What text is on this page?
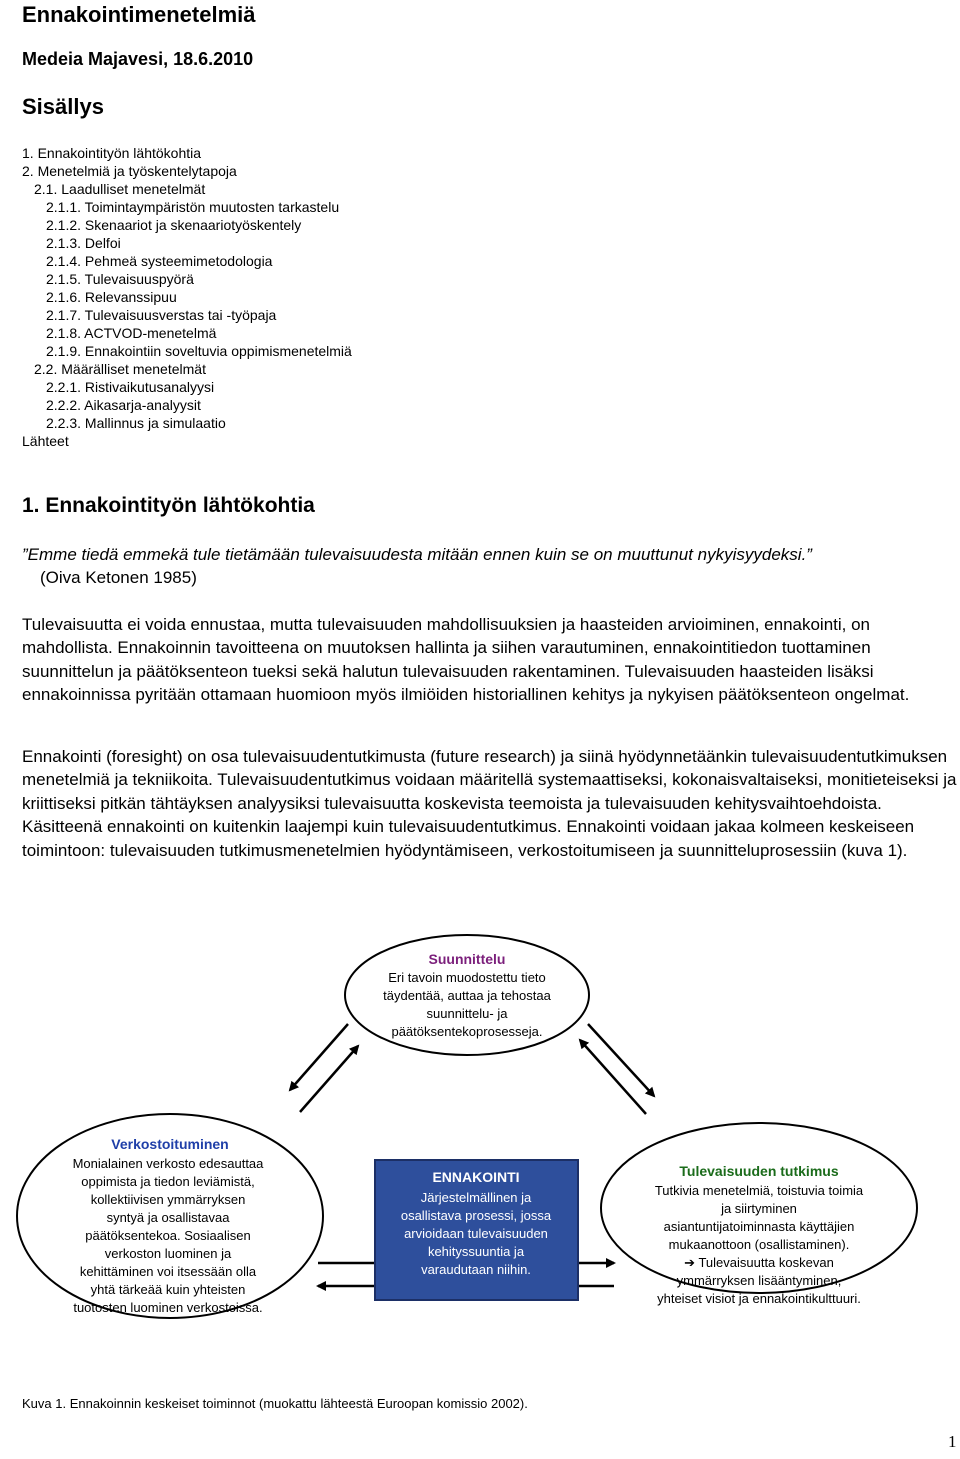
Ennakointimenetelmiä
Medeia Majavesi, 18.6.2010
Sisällys
1. Ennakointityön lähtökohtia
2. Menetelmiä ja työskentelytapoja
2.1. Laadulliset menetelmät
2.1.1. Toimintaympäristön muutosten tarkastelu
2.1.2. Skenaariot ja skenaariotyöskentely
2.1.3. Delfoi
2.1.4. Pehmeä systeemimetodologia
2.1.5. Tulevaisuuspyörä
2.1.6. Relevanssipuu
2.1.7. Tulevaisuusverstas tai -työpaja
2.1.8. ACTVOD-menetelmä
2.1.9. Ennakointiin soveltuvia oppimismenetelmiä
2.2. Määrälliset menetelmät
2.2.1. Ristivaikutusanalyysi
2.2.2. Aikasarja-analyysit
2.2.3. Mallinnus ja simulaatio
Lähteet
1. Ennakointityön lähtökohtia
”Emme tiedä emmekä tule tietämään tulevaisuudesta mitään ennen kuin se on muuttunut nykyisyydeksi.”
(Oiva Ketonen 1985)

Tulevaisuutta ei voida ennustaa, mutta tulevaisuuden mahdollisuuksien ja haasteiden arvioiminen, ennakointi, on mahdollista. Ennakoinnin tavoitteena on muutoksen hallinta ja siihen varautuminen, ennakointitiedon tuottaminen suunnittelun ja päätöksenteon tueksi sekä halutun tulevaisuuden rakentaminen. Tulevaisuuden haasteiden lisäksi ennakoinnissa pyritään ottamaan huomioon myös ilmiöiden historiallinen kehitys ja nykyisen päätöksenteon ongelmat.

Ennakointi (foresight) on osa tulevaisuudentutkimusta (future research) ja siinä hyödynnetäänkin tulevaisuudentutkimuksen menetelmiä ja tekniikoita. Tulevaisuudentutkimus voidaan määritellä systemaattiseksi, kokonaisvaltaiseksi, monitieteiseksi ja kriittiseksi pitkän tähtäyksen analyysiksi tulevaisuutta koskevista teemoista ja tulevaisuuden kehitysvaihtoehdoista. Käsitteenä ennakointi on kuitenkin laajempi kuin tulevaisuudentutkimus. Ennakointi voidaan jakaa kolmeen keskeiseen toimintoon: tulevaisuuden tutkimusmenetelmien hyödyntämiseen, verkostoitumiseen ja suunnitteluprosessiin (kuva 1).

Suunnittelu
Eri tavoin muodostettu tieto
täydentää, auttaa ja tehostaa
suunnittelu- ja
päätöksentekoprosesseja.
Verkostoituminen
Monialainen verkosto edesauttaa
oppimista ja tiedon leviämistä,
kollektiivisen ymmärryksen
syntyä ja osallistavaa
päätöksentekoa. Sosiaalisen
verkoston luominen ja
kehittäminen voi itsessään olla
yhtä tärkeää kuin yhteisten
tuotosten luominen verkostoissa.
ENNAKOINTI
Järjestelmällinen ja
osallistava prosessi, jossa
arvioidaan tulevaisuuden
kehityssuuntia ja
varaudutaan niihin.
Tulevaisuuden tutkimus
Tutkivia menetelmiä, toistuvia toimia
ja siirtyminen
asiantuntijatoiminnasta käyttäjien
mukaanottoon (osallistaminen).
➔ Tulevaisuutta koskevan
ymmärryksen lisääntyminen,
yhteiset visiot ja ennakointikulttuuri.
Kuva 1. Ennakoinnin keskeiset toiminnot (muokattu lähteestä Euroopan komissio 2002).
1
